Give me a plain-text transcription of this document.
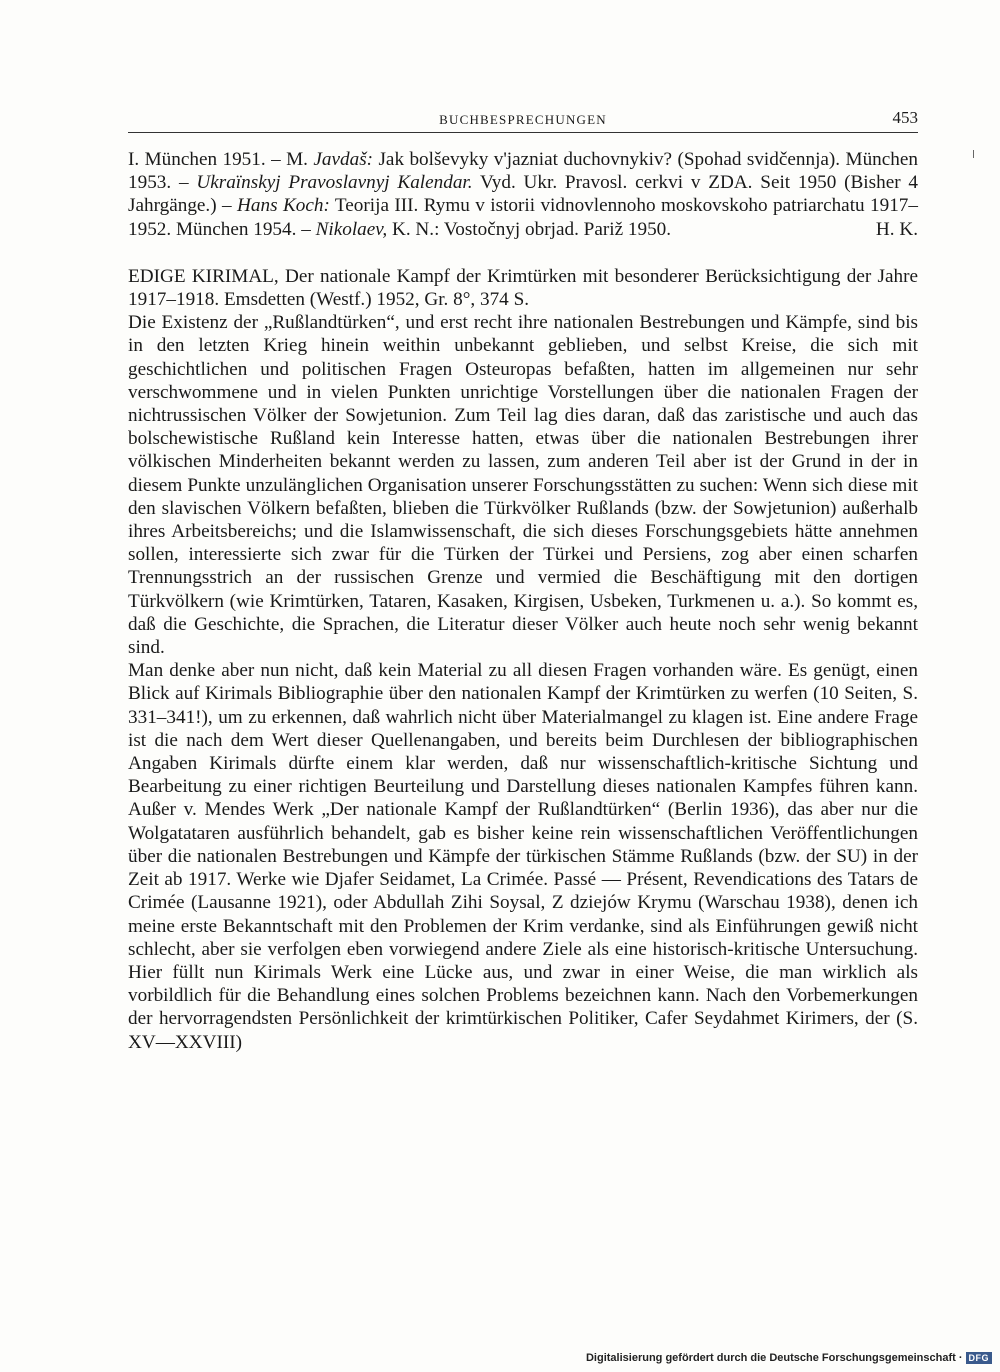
BUCHBESPRECHUNGEN	453

I. München 1951. – M. Javdaš: Jak bolševyky v'jazniat duchovnykiv? (Spohad svidčennja). München 1953. – Ukraïnskyj Pravoslavnyj Kalendar. Vyd. Ukr. Pravosl. cerkvi v ZDA. Seit 1950 (Bisher 4 Jahrgänge.) – Hans Koch: Teorija III. Rymu v istorii vidnovlennoho moskovskoho patriarchatu 1917–1952. München 1954. – Nikolaev, K. N.: Vostočnyj obrjad. Pariž 1950.	H. K.

EDIGE KIRIMAL, Der nationale Kampf der Krimtürken mit besonderer Berücksichtigung der Jahre 1917–1918. Emsdetten (Westf.) 1952, Gr. 8°, 374 S.

Die Existenz der „Rußlandtürken“, und erst recht ihre nationalen Bestrebungen und Kämpfe, sind bis in den letzten Krieg hinein weithin unbekannt geblieben, und selbst Kreise, die sich mit geschichtlichen und politischen Fragen Osteuropas befaßten, hatten im allgemeinen nur sehr verschwommene und in vielen Punkten unrichtige Vorstellungen über die nationalen Fragen der nichtrussischen Völker der Sowjetunion. Zum Teil lag dies daran, daß das zaristische und auch das bolschewistische Rußland kein Interesse hatten, etwas über die nationalen Bestrebungen ihrer völkischen Minderheiten bekannt werden zu lassen, zum anderen Teil aber ist der Grund in der in diesem Punkte unzulänglichen Organisation unserer Forschungsstätten zu suchen: Wenn sich diese mit den slavischen Völkern befaßten, blieben die Türkvölker Rußlands (bzw. der Sowjetunion) außerhalb ihres Arbeitsbereichs; und die Islamwissenschaft, die sich dieses Forschungsgebiets hätte annehmen sollen, interessierte sich zwar für die Türken der Türkei und Persiens, zog aber einen scharfen Trennungsstrich an der russischen Grenze und vermied die Beschäftigung mit den dortigen Türkvölkern (wie Krimtürken, Tataren, Kasaken, Kirgisen, Usbeken, Turkmenen u. a.). So kommt es, daß die Geschichte, die Sprachen, die Literatur dieser Völker auch heute noch sehr wenig bekannt sind.

Man denke aber nun nicht, daß kein Material zu all diesen Fragen vorhanden wäre. Es genügt, einen Blick auf Kirimals Bibliographie über den nationalen Kampf der Krimtürken zu werfen (10 Seiten, S. 331–341!), um zu erkennen, daß wahrlich nicht über Materialmangel zu klagen ist. Eine andere Frage ist die nach dem Wert dieser Quellenangaben, und bereits beim Durchlesen der bibliographischen Angaben Kirimals dürfte einem klar werden, daß nur wissenschaftlich-kritische Sichtung und Bearbeitung zu einer richtigen Beurteilung und Darstellung dieses nationalen Kampfes führen kann. Außer v. Mendes Werk „Der nationale Kampf der Rußlandtürken“ (Berlin 1936), das aber nur die Wolgatataren ausführlich behandelt, gab es bisher keine rein wissenschaftlichen Veröffentlichungen über die nationalen Bestrebungen und Kämpfe der türkischen Stämme Rußlands (bzw. der SU) in der Zeit ab 1917. Werke wie Djafer Seidamet, La Crimée. Passé — Présent, Revendications des Tatars de Crimée (Lausanne 1921), oder Abdullah Zihi Soysal, Z dziejów Krymu (Warschau 1938), denen ich meine erste Bekanntschaft mit den Problemen der Krim verdanke, sind als Einführungen gewiß nicht schlecht, aber sie verfolgen eben vorwiegend andere Ziele als eine historisch-kritische Untersuchung. Hier füllt nun Kirimals Werk eine Lücke aus, und zwar in einer Weise, die man wirklich als vorbildlich für die Behandlung eines solchen Problems bezeichnen kann. Nach den Vorbemerkungen der hervorragendsten Persönlichkeit der krimtürkischen Politiker, Cafer Seydahmet Kirimers, der (S. XV—XXVIII)

Digitalisierung gefördert durch die Deutsche Forschungsgemeinschaft · DFG
